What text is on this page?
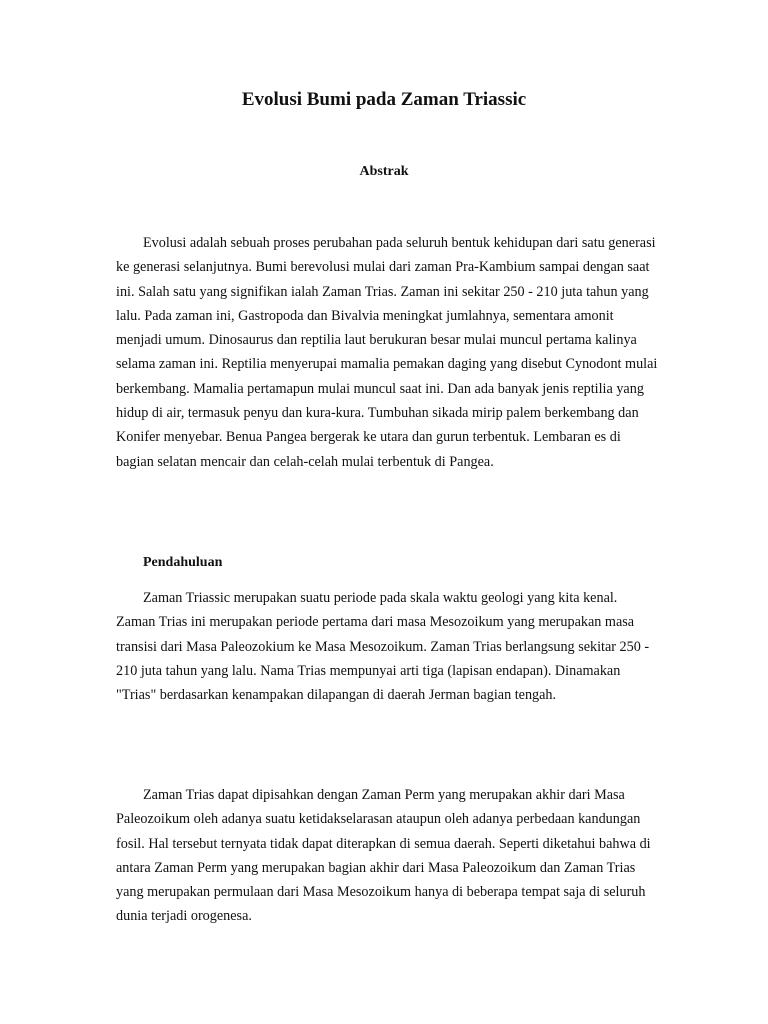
Evolusi Bumi pada Zaman Triassic
Abstrak

Evolusi adalah sebuah proses perubahan pada seluruh bentuk kehidupan dari satu generasi ke generasi selanjutnya. Bumi berevolusi mulai dari zaman Pra-Kambium sampai dengan saat ini. Salah satu yang signifikan ialah Zaman Trias. Zaman ini sekitar 250 - 210 juta tahun yang lalu. Pada zaman ini, Gastropoda dan Bivalvia meningkat jumlahnya, sementara amonit menjadi umum. Dinosaurus dan reptilia laut berukuran besar mulai muncul pertama kalinya selama zaman ini. Reptilia menyerupai mamalia pemakan daging yang disebut Cynodont mulai berkembang. Mamalia pertamapun mulai muncul saat ini. Dan ada banyak jenis reptilia yang hidup di air, termasuk penyu dan kura-kura. Tumbuhan sikada mirip palem berkembang dan Konifer menyebar. Benua Pangea bergerak ke utara dan gurun terbentuk. Lembaran es di bagian selatan mencair dan celah-celah mulai terbentuk di Pangea.

Pendahuluan

Zaman Triassic merupakan suatu periode pada skala waktu geologi yang kita kenal. Zaman Trias ini merupakan periode pertama dari masa Mesozoikum yang merupakan masa transisi dari Masa Paleozokium ke Masa Mesozoikum. Zaman Trias berlangsung sekitar 250 - 210 juta tahun yang lalu. Nama Trias mempunyai arti tiga (lapisan endapan). Dinamakan "Trias" berdasarkan kenampakan dilapangan di daerah Jerman bagian tengah.

Zaman Trias dapat dipisahkan dengan Zaman Perm yang merupakan akhir dari Masa Paleozoikum oleh adanya suatu ketidakselarasan ataupun oleh adanya perbedaan kandungan fosil. Hal tersebut ternyata tidak dapat diterapkan di semua daerah. Seperti diketahui bahwa di antara Zaman Perm yang merupakan bagian akhir dari Masa Paleozoikum dan Zaman Trias yang merupakan permulaan dari Masa Mesozoikum hanya di beberapa tempat saja di seluruh dunia terjadi orogenesa.
